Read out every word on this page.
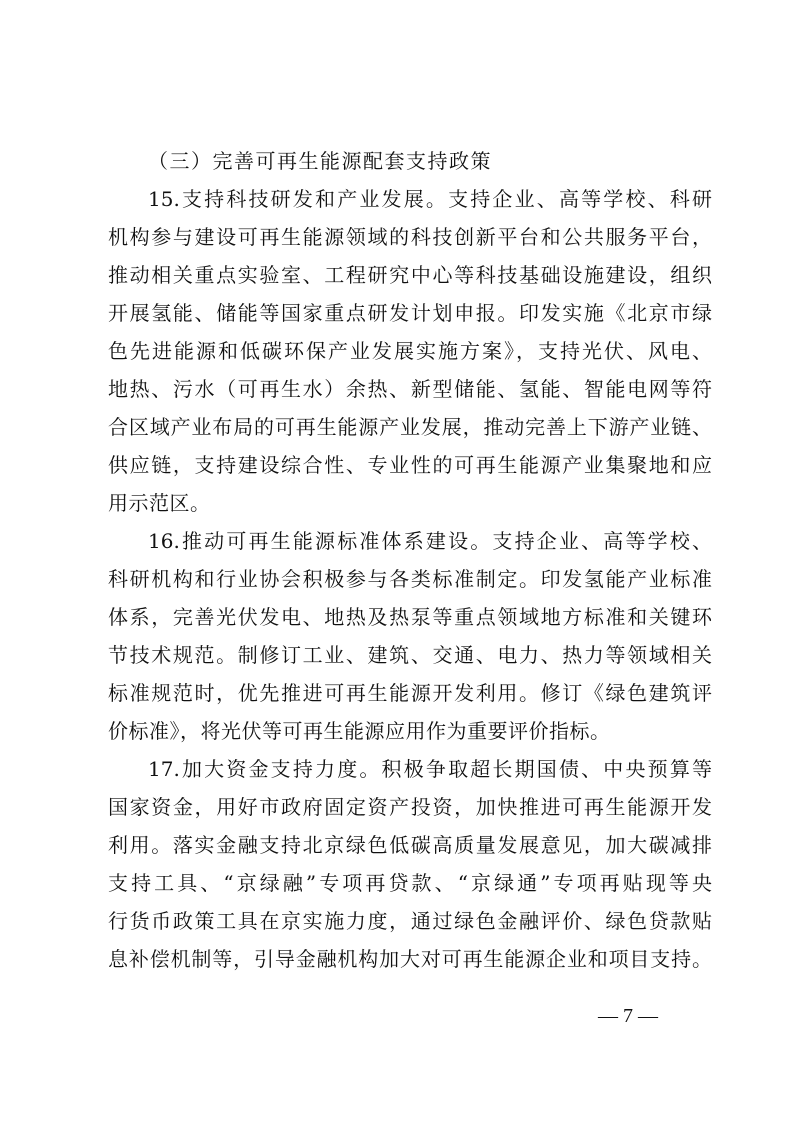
（三）完善可再生能源配套支持政策
15.支持科技研发和产业发展。支持企业、高等学校、科研
机构参与建设可再生能源领域的科技创新平台和公共服务平台，
推动相关重点实验室、工程研究中心等科技基础设施建设，组织
开展氢能、储能等国家重点研发计划申报。印发实施《北京市绿
色先进能源和低碳环保产业发展实施方案》，支持光伏、风电、
地热、污水（可再生水）余热、新型储能、氢能、智能电网等符
合区域产业布局的可再生能源产业发展，推动完善上下游产业链、
供应链，支持建设综合性、专业性的可再生能源产业集聚地和应
用示范区。
16.推动可再生能源标准体系建设。支持企业、高等学校、
科研机构和行业协会积极参与各类标准制定。印发氢能产业标准
体系，完善光伏发电、地热及热泵等重点领域地方标准和关键环
节技术规范。制修订工业、建筑、交通、电力、热力等领域相关
标准规范时，优先推进可再生能源开发利用。修订《绿色建筑评
价标准》，将光伏等可再生能源应用作为重要评价指标。
17.加大资金支持力度。积极争取超长期国债、中央预算等
国家资金，用好市政府固定资产投资，加快推进可再生能源开发
利用。落实金融支持北京绿色低碳高质量发展意见，加大碳减排
支持工具、“京绿融”专项再贷款、“京绿通”专项再贴现等央
行货币政策工具在京实施力度，通过绿色金融评价、绿色贷款贴
息补偿机制等，引导金融机构加大对可再生能源企业和项目支持。
— 7 —
